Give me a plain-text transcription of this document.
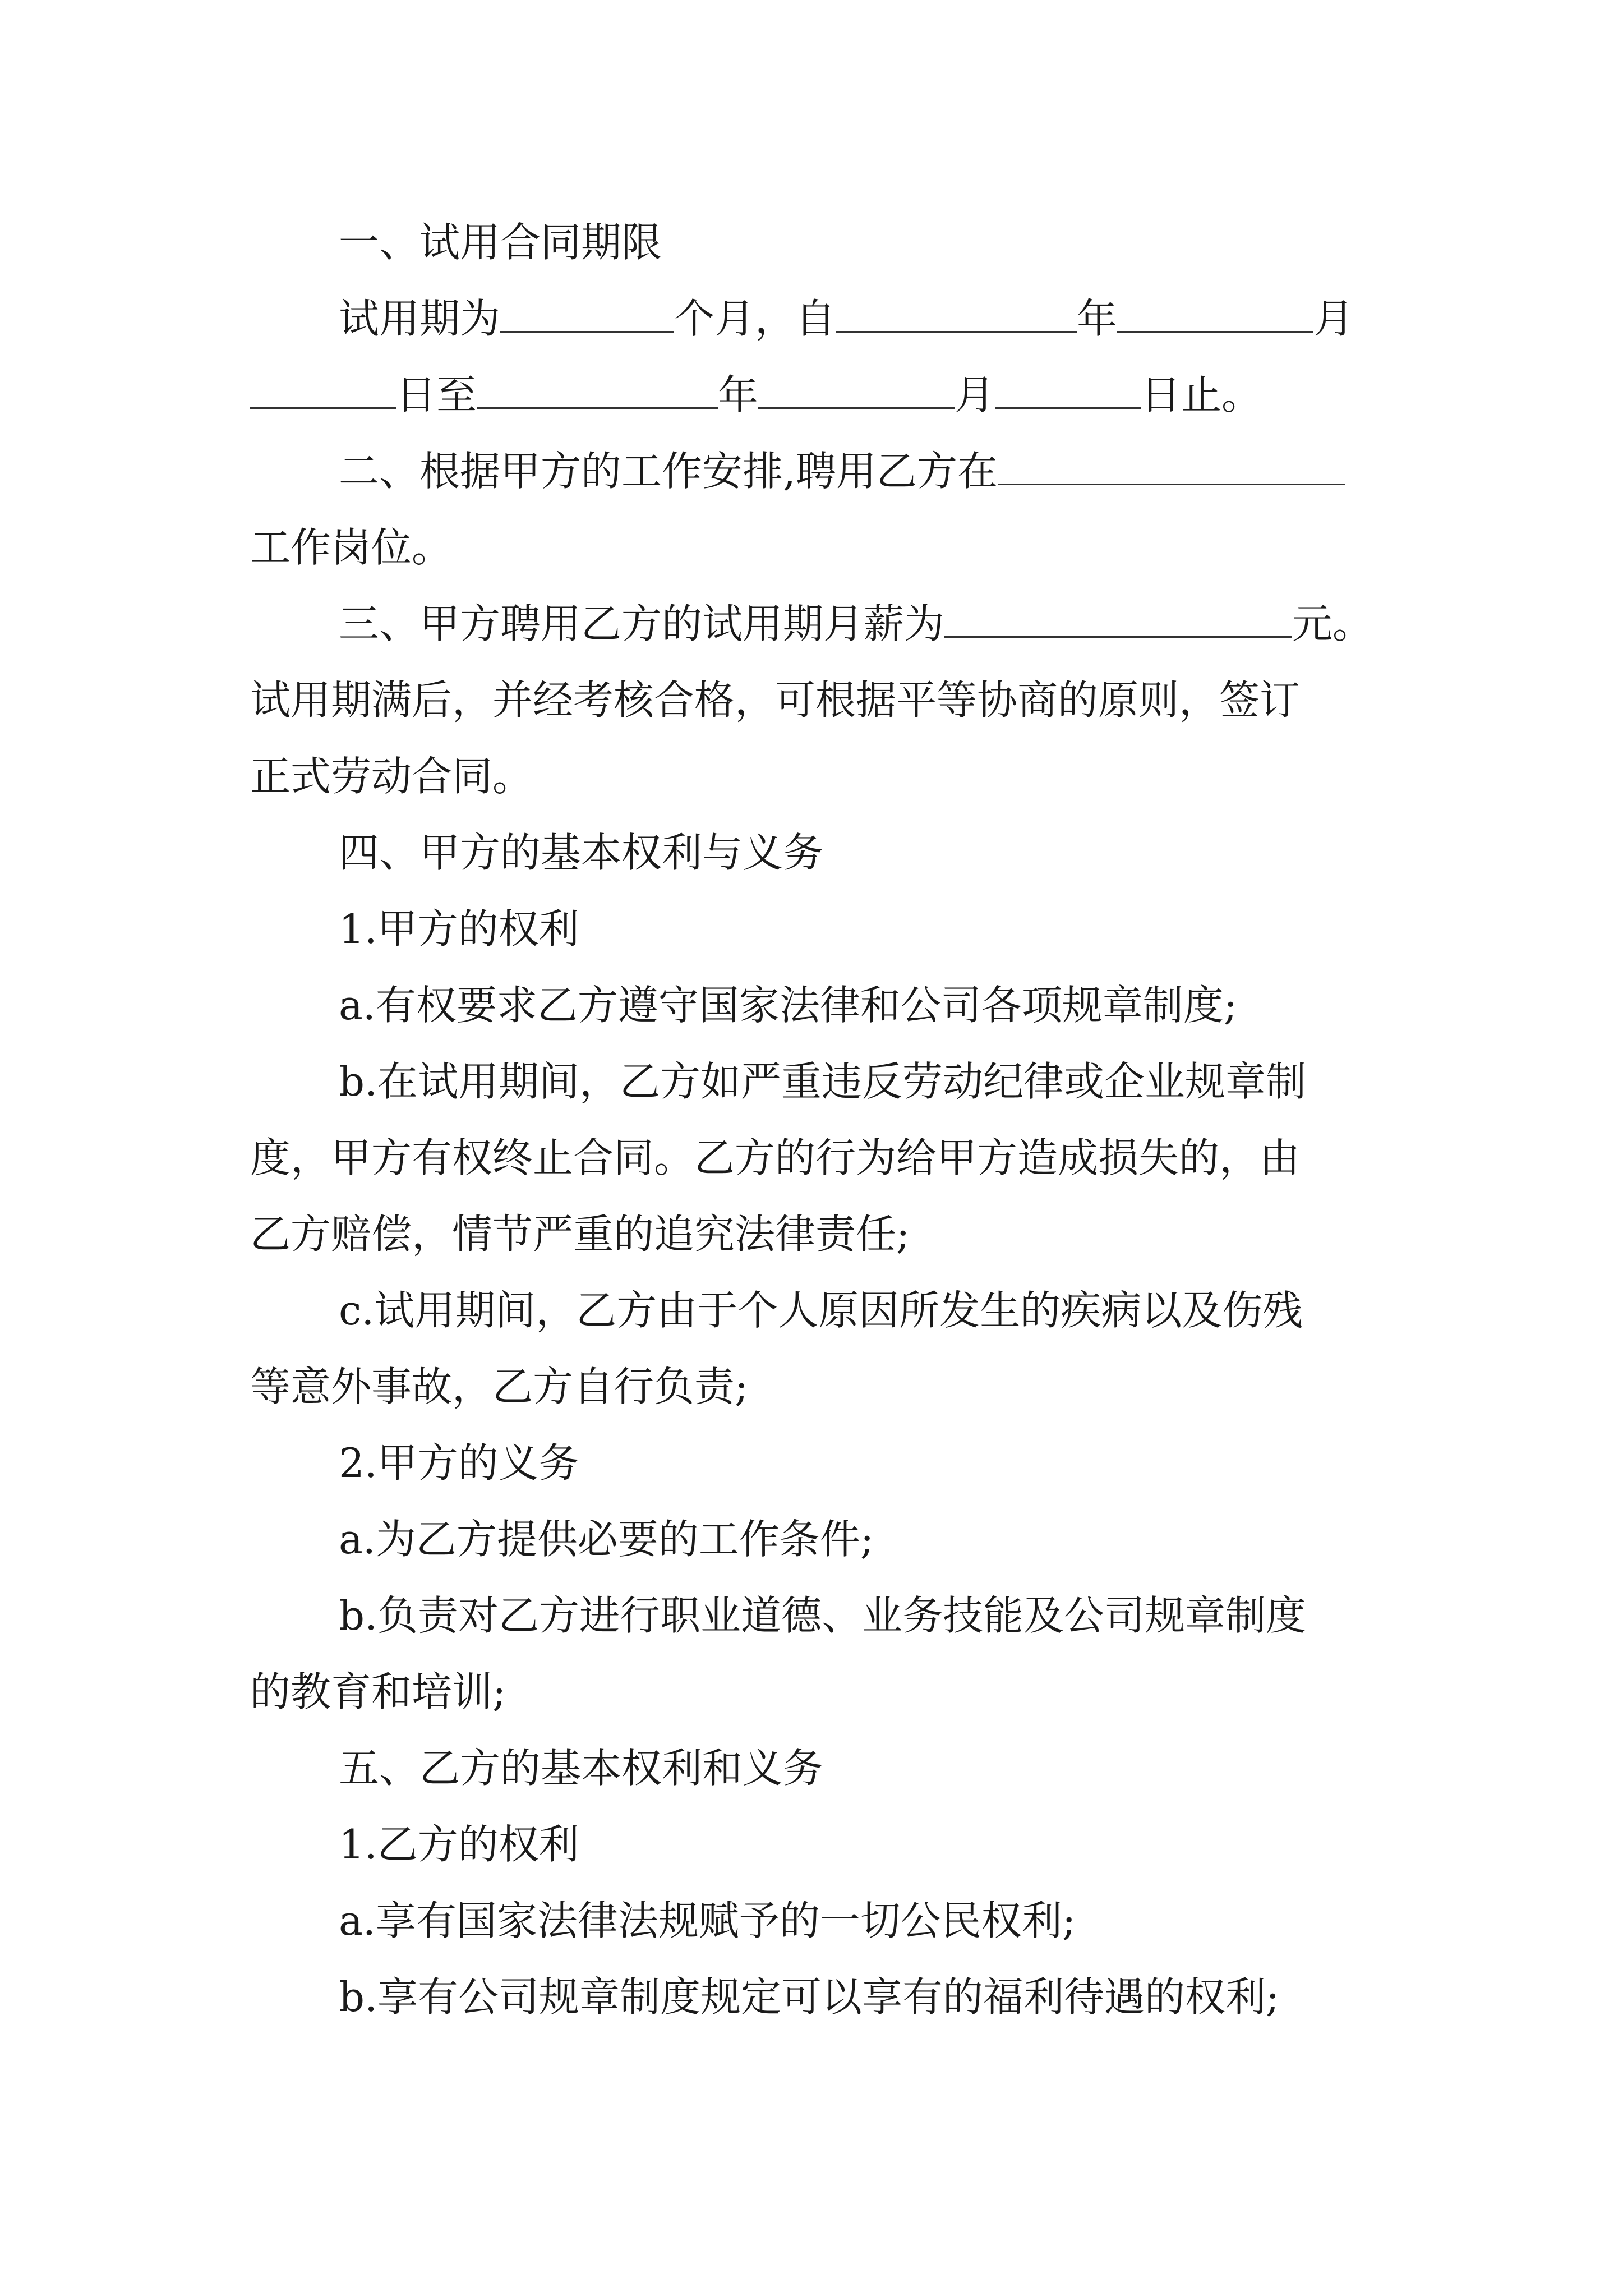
一、试用合同期限
试用期为	个月，自	年	月
日至	年	月	日止。
二、根据甲方的工作安排,聘用乙方在
工作岗位。
三、甲方聘用乙方的试用期月薪为	元。
试用期满后，并经考核合格，可根据平等协商的原则，签订
正式劳动合同。
四、甲方的基本权利与义务
1.甲方的权利
a.有权要求乙方遵守国家法律和公司各项规章制度;
b.在试用期间，乙方如严重违反劳动纪律或企业规章制
度，甲方有权终止合同。乙方的行为给甲方造成损失的，由
乙方赔偿，情节严重的追究法律责任;
c.试用期间，乙方由于个人原因所发生的疾病以及伤残
等意外事故，乙方自行负责;
2.甲方的义务
a.为乙方提供必要的工作条件;
b.负责对乙方进行职业道德、业务技能及公司规章制度
的教育和培训;
五、乙方的基本权利和义务
1.乙方的权利
a.享有国家法律法规赋予的一切公民权利;
b.享有公司规章制度规定可以享有的福利待遇的权利;
